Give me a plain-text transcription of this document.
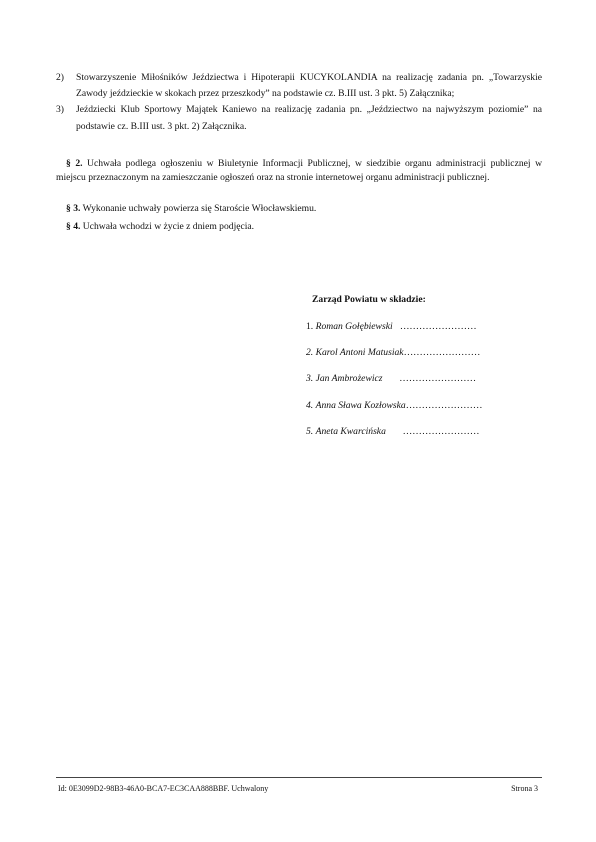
2)	Stowarzyszenie Miłośników Jeździectwa i Hipoterapii KUCYKOLANDIA na realizację zadania pn. „Towarzyskie Zawody jeździeckie w skokach przez przeszkody” na podstawie cz. B.III ust. 3 pkt. 5) Załącznika;
3)	Jeździecki Klub Sportowy Majątek Kaniewo na realizację zadania pn. „Jeździectwo na najwyższym poziomie” na podstawie cz. B.III ust. 3 pkt. 2) Załącznika.
§ 2. Uchwała podlega ogłoszeniu w Biuletynie Informacji Publicznej, w siedzibie organu administracji publicznej w miejscu przeznaczonym na zamieszczanie ogłoszeń oraz na stronie internetowej organu administracji publicznej.
§ 3. Wykonanie uchwały powierza się Staroście Włocławskiemu.
§ 4. Uchwała wchodzi w życie z dniem podjęcia.
Zarząd Powiatu w składzie:
1. Roman Gołębiewski   ……………………
2. Karol Antoni Matusiak……………………
3. Jan Ambrożewicz       ……………………
4. Anna Sława Kozłowska……………………
5. Aneta Kwarcińska       ……………………
Id: 0E3099D2-98B3-46A0-BCA7-EC3CAA888BBF. Uchwalony	Strona 3
